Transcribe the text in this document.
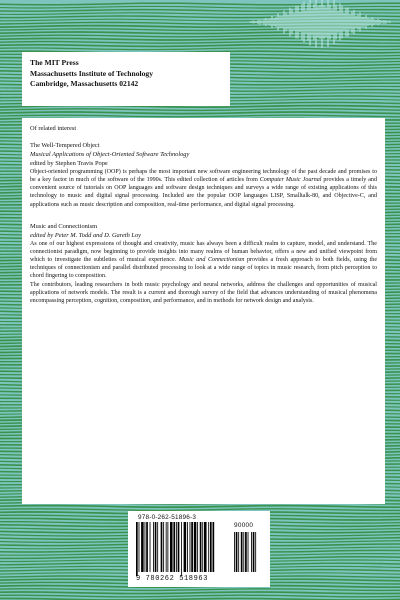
The MIT Press
Massachusetts Institute of Technology
Cambridge, Massachusetts 02142

Of related interest

The Well-Tempered Object

Musical Applications of Object-Oriented Software Technology

edited by Stephen Travis Pope

Object-oriented programming (OOP) is perhaps the most important new software engineering technology of the past decade and promises to be a key factor in much of the software of the 1990s. This edited collection of articles from Computer Music Journal provides a timely and convenient source of tutorials on OOP languages and software design techniques and surveys a wide range of existing applications of this technology to music and digital signal processing. Included are the popular OOP languages LISP, Smalltalk-80, and Objective-C, and applications such as music description and composition, real-time performance, and digital signal processing.

Music and Connectionism

edited by Peter M. Todd and D. Gareth Loy

As one of our highest expressions of thought and creativity, music has always been a difficult realm to capture, model, and understand. The connectionist paradigm, now beginning to provide insights into many realms of human behavior, offers a new and unified viewpoint from which to investigate the subtleties of musical experience. Music and Connectionism provides a fresh approach to both fields, using the techniques of connectionism and parallel distributed processing to look at a wide range of topics in music research, from pitch perception to chord fingering to composition.

The contributors, leading researchers in both music psychology and neural networks, address the challenges and opportunities of musical applications of network models. The result is a current and thorough survey of the field that advances understanding of musical phenomena encompassing perception, cognition, composition, and performance, and in methods for network design and analysis.

978-0-262-51896-3
90000
9 780262 518963
